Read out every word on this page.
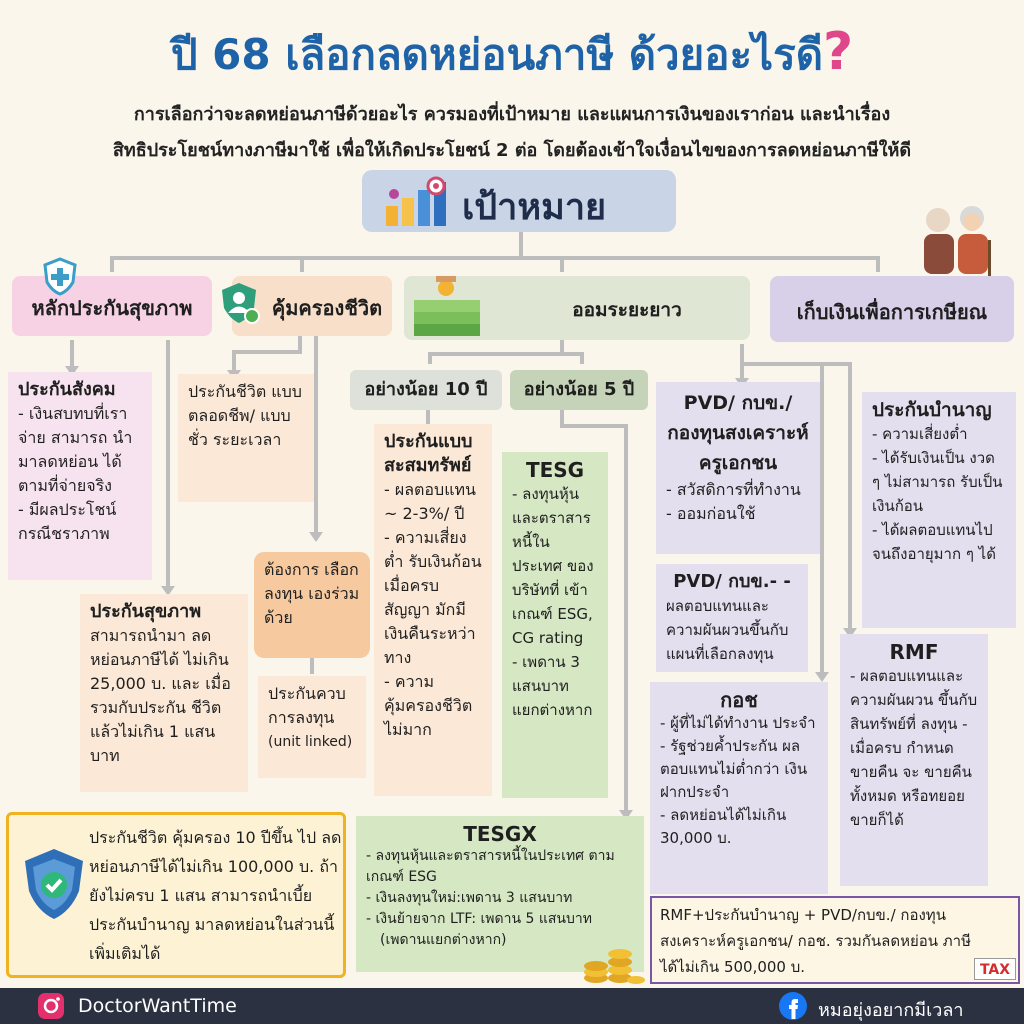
ปี 68 เลือกลดหย่อนภาษี ด้วยอะไรดี?
การเลือกว่าจะลดหย่อนภาษีด้วยอะไร ควรมองที่เป้าหมาย และแผนการเงินของเราก่อน และนำเรื่อง
สิทธิประโยชน์ทางภาษีมาใช้ เพื่อให้เกิดประโยชน์ 2 ต่อ โดยต้องเข้าใจเงื่อนไขของการลดหย่อนภาษีให้ดี
เป้าหมาย
หลักประกันสุขภาพ	คุ้มครองชีวิต	ออมระยะยาว	เก็บเงินเพื่อการเกษียณ
ประกันสังคม
- เงินสบทบที่เรา จ่าย สามารถ นำมาลดหย่อน ได้ตามที่จ่ายจริง
- มีผลประโชน์ กรณีชราภาพ
ประกันสุขภาพ
สามารถนำมา ลดหย่อนภาษีได้ ไม่เกิน 25,000 บ. และ เมื่อรวมกับประกัน ชีวิต แล้วไม่เกิน 1 แสนบาท
ประกันชีวิต แบบตลอดชีพ/ แบบชั่ว ระยะเวลา
ต้องการ เลือกลงทุน เองร่วมด้วย
ประกันควบ การลงทุน
(unit linked)
อย่างน้อย 10 ปี	อย่างน้อย 5 ปี
ประกันแบบ สะสมทรัพย์
- ผลตอบแทน ~ 2-3%/ ปี
- ความเสี่ยง ต่ำ รับเงินก้อน เมื่อครบ สัญญา มักมี เงินคืนระหว่า ทาง
- ความ คุ้มครองชีวิต ไม่มาก
TESG
- ลงทุนหุ้น และตราสาร หนี้ใน ประเทศ ของ บริษัทที่ เข้าเกณฑ์ ESG, CG rating
- เพดาน 3 แสนบาท แยกต่างหาก
TESGX
- ลงทุนหุ้นและตราสารหนี้ในประเทศ ตามเกณฑ์ ESG
- เงินลงทุนใหม่:เพดาน 3 แสนบาท
- เงินย้ายจาก LTF: เพดาน 5 แสนบาท
(เพดานแยกต่างหาก)
PVD/ กบข./ กองทุนสงเคราะห์ ครูเอกชน
- สวัสดิการที่ทำงาน
- ออมก่อนใช้
PVD/ กบข.- -
ผลตอบแทนและ ความผันผวนขึ้นกับ แผนที่เลือกลงทุน
กอช
- ผู้ที่ไม่ได้ทำงาน ประจำ
- รัฐช่วยค้ำประกัน ผลตอบแทนไม่ต่ำกว่า เงินฝากประจำ
- ลดหย่อนได้ไม่เกิน 30,000 บ.
ประกันบำนาญ
- ความเสี่ยงต่ำ
- ได้รับเงินเป็น งวด ๆ ไม่สามารถ รับเป็นเงินก้อน
- ได้ผลตอบแทนไป จนถึงอายุมาก ๆ ได้
RMF
- ผลตอบแทนและ ความผันผวน ขึ้นกับสินทรัพย์ที่ ลงทุน - เมื่อครบ กำหนดขายคืน จะ ขายคืนทั้งหมด หรือทยอยขายก็ได้
ประกันชีวิต คุ้มครอง 10 ปีขึ้น ไป ลดหย่อนภาษีได้ไม่เกิน 100,000 บ. ถ้ายังไม่ครบ 1 แสน สามารถนำเบี้ยประกันบำนาญ มาลดหย่อนในส่วนนี้เพิ่มเติมได้
RMF+ประกันบำนาญ + PVD/กบข./ กองทุน สงเคราะห์ครูเอกชน/ กอช. รวมกันลดหย่อน ภาษีได้ไม่เกิน 500,000 บ.	TAX
DoctorWantTime	หมอยุ่งอยากมีเวลา
